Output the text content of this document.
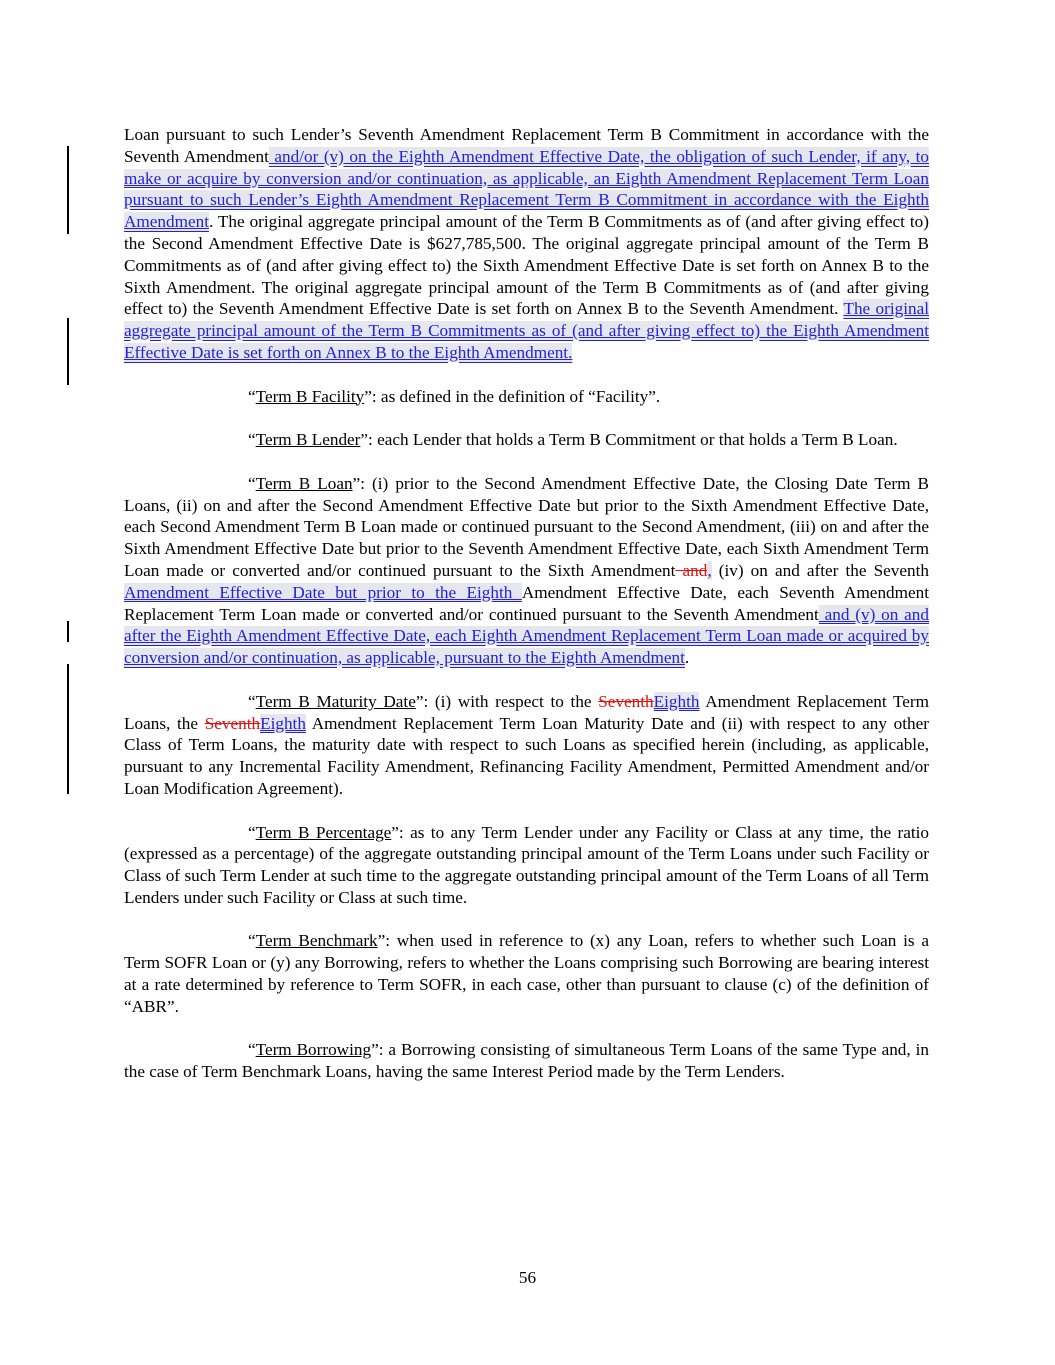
Loan pursuant to such Lender’s Seventh Amendment Replacement Term B Commitment in accordance with the Seventh Amendment and/or (v) on the Eighth Amendment Effective Date, the obligation of such Lender, if any, to make or acquire by conversion and/or continuation, as applicable, an Eighth Amendment Replacement Term Loan pursuant to such Lender’s Eighth Amendment Replacement Term B Commitment in accordance with the Eighth Amendment. The original aggregate principal amount of the Term B Commitments as of (and after giving effect to) the Second Amendment Effective Date is $627,785,500. The original aggregate principal amount of the Term B Commitments as of (and after giving effect to) the Sixth Amendment Effective Date is set forth on Annex B to the Sixth Amendment. The original aggregate principal amount of the Term B Commitments as of (and after giving effect to) the Seventh Amendment Effective Date is set forth on Annex B to the Seventh Amendment. The original aggregate principal amount of the Term B Commitments as of (and after giving effect to) the Eighth Amendment Effective Date is set forth on Annex B to the Eighth Amendment.

“Term B Facility”: as defined in the definition of “Facility”.

“Term B Lender”: each Lender that holds a Term B Commitment or that holds a Term B Loan.

“Term B Loan”: (i) prior to the Second Amendment Effective Date, the Closing Date Term B Loans, (ii) on and after the Second Amendment Effective Date but prior to the Sixth Amendment Effective Date, each Second Amendment Term B Loan made or continued pursuant to the Second Amendment, (iii) on and after the Sixth Amendment Effective Date but prior to the Seventh Amendment Effective Date, each Sixth Amendment Term Loan made or converted and/or continued pursuant to the Sixth Amendment and, (iv) on and after the Seventh Amendment Effective Date but prior to the Eighth Amendment Effective Date, each Seventh Amendment Replacement Term Loan made or converted and/or continued pursuant to the Seventh Amendment and (v) on and after the Eighth Amendment Effective Date, each Eighth Amendment Replacement Term Loan made or acquired by conversion and/or continuation, as applicable, pursuant to the Eighth Amendment.

“Term B Maturity Date”: (i) with respect to the SeventhEighth Amendment Replacement Term Loans, the SeventhEighth Amendment Replacement Term Loan Maturity Date and (ii) with respect to any other Class of Term Loans, the maturity date with respect to such Loans as specified herein (including, as applicable, pursuant to any Incremental Facility Amendment, Refinancing Facility Amendment, Permitted Amendment and/or Loan Modification Agreement).

“Term B Percentage”: as to any Term Lender under any Facility or Class at any time, the ratio (expressed as a percentage) of the aggregate outstanding principal amount of the Term Loans under such Facility or Class of such Term Lender at such time to the aggregate outstanding principal amount of the Term Loans of all Term Lenders under such Facility or Class at such time.

“Term Benchmark”: when used in reference to (x) any Loan, refers to whether such Loan is a Term SOFR Loan or (y) any Borrowing, refers to whether the Loans comprising such Borrowing are bearing interest at a rate determined by reference to Term SOFR, in each case, other than pursuant to clause (c) of the definition of “ABR”.

“Term Borrowing”: a Borrowing consisting of simultaneous Term Loans of the same Type and, in the case of Term Benchmark Loans, having the same Interest Period made by the Term Lenders.

56
